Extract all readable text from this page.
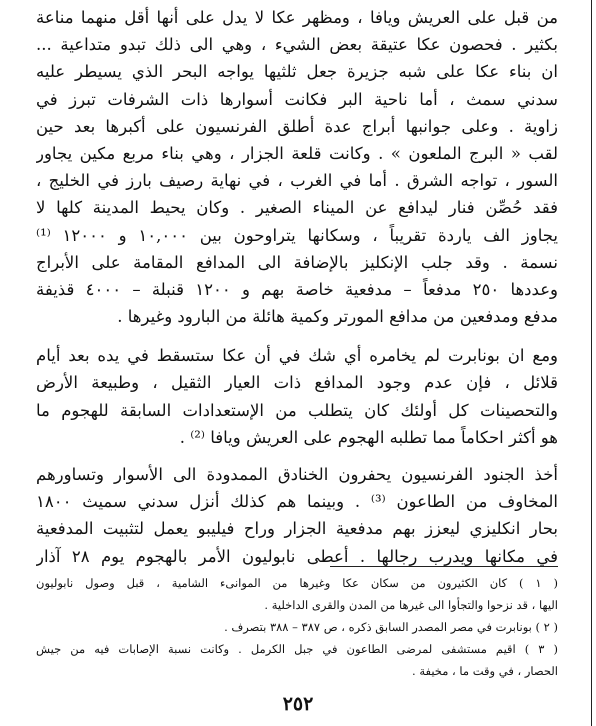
من قبل على العريش ويافا ، ومظهر عكا لا يدل على أنها أقل منهما مناعة
بكثير . فحصون عكا عتيقة بعض الشيء ، وهي الى ذلك تبدو متداعية ...
ان بناء عكا على شبه جزيرة جعل ثلثيها يواجه البحر الذي يسيطر عليه
سدني سمث ، أما ناحية البر فكانت أسوارها ذات الشرفات تبرز في
زاوية . وعلى جوانبها أبراج عدة أطلق الفرنسيون على أكبرها بعد حين
لقب « البرج الملعون » . وكانت قلعة الجزار ، وهي بناء مربع مكين يجاور
السور ، تواجه الشرق . أما في الغرب ، في نهاية رصيف بارز في الخليج ،
فقد حُصِّن فنار ليدافع عن الميناء الصغير . وكان يحيط المدينة كلها لا
يجاوز الف ياردة تقريباً ، وسكانها يتراوحون بين ١٠,٠٠٠ و ١٢٠٠٠ ⁽¹⁾
نسمة . وقد جلب الإنكليز بالإضافة الى المدافع المقامة على الأبراج
وعددها ٢٥٠ مدفعاً – مدفعية خاصة بهم و ١٢٠٠ قنبلة – ٤٠٠٠ قذيفة
مدفع ومدفعين من مدافع المورتر وكمية هائلة من البارود وغيرها .
ومع ان بونابرت لم يخامره أي شك في أن عكا ستسقط في يده بعد أيام
قلائل ، فإن عدم وجود المدافع ذات العيار الثقيل ، وطبيعة الأرض
والتحصينات كل أولئك كان يتطلب من الإستعدادات السابقة للهجوم ما
هو أكثر احكاماً مما تطلبه الهجوم على العريش ويافا ⁽²⁾ .
أخذ الجنود الفرنسيون يحفرون الخنادق الممدودة الى الأسوار وتساورهم
المخاوف من الطاعون ⁽³⁾ . وبينما هم كذلك أنزل سدني سميث ١٨٠٠
بحار انكليزي ليعزز بهم مدفعية الجزار وراح فيليبو يعمل لتثبيت المدفعية
في مكانها ويدرب رجالها . أعطى نابوليون الأمر بالهجوم يوم ٢٨ آذار
( ١ ) كان الكثيرون من سكان عكا وغيرها من الموانىء الشامية ، قبل وصول نابوليون
اليها ، قد نزحوا والتجأوا الى غيرها من المدن والقرى الداخلية .
( ٢ ) بونابرت في مصر المصدر السابق ذكره ، ص ٣٨٧ – ٣٨٨ بتصرف .
( ٣ ) اقيم مستشفى لمرضى الطاعون في جبل الكرمل . وكانت نسبة الإصابات فيه من جيش
الحصار ، في وقت ما ، مخيفة .
٢٥٢
